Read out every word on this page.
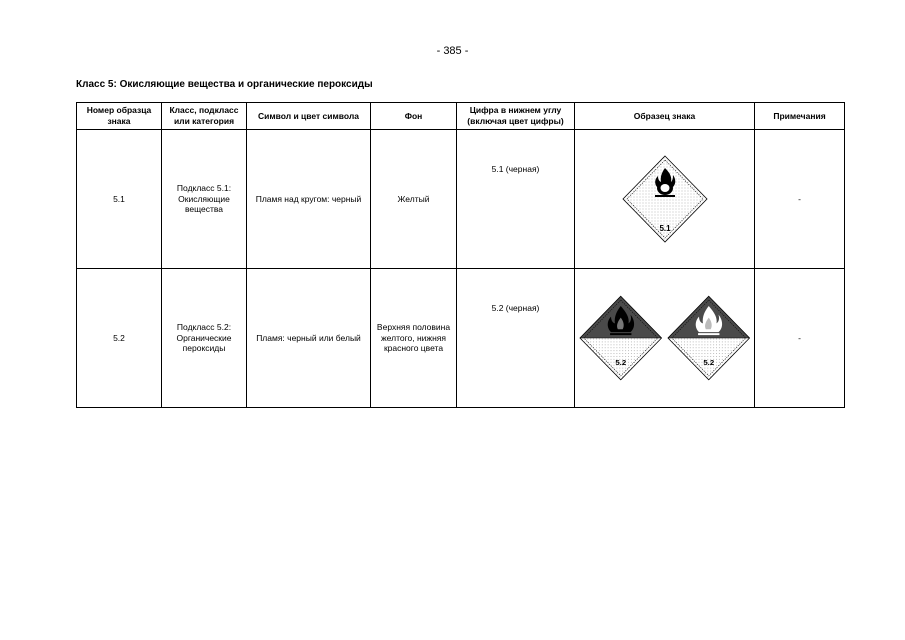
- 385 -
Класс 5: Окисляющие вещества и органические пероксиды
Номер образца знака	Класс, подкласс или категория	Символ и цвет символа	Фон	Цифра в нижнем углу (включая цвет цифры)	Образец знака	Примечания
5.1	Подкласс 5.1: Окисляющие вещества	Пламя над кругом: черный	Желтый	5.1 (черная)	5.1	-
5.2	Подкласс 5.2: Органические пероксиды	Пламя: черный или белый	Верхняя половина желтого, нижняя красного цвета	5.2 (черная)	5.2 5.2	-
